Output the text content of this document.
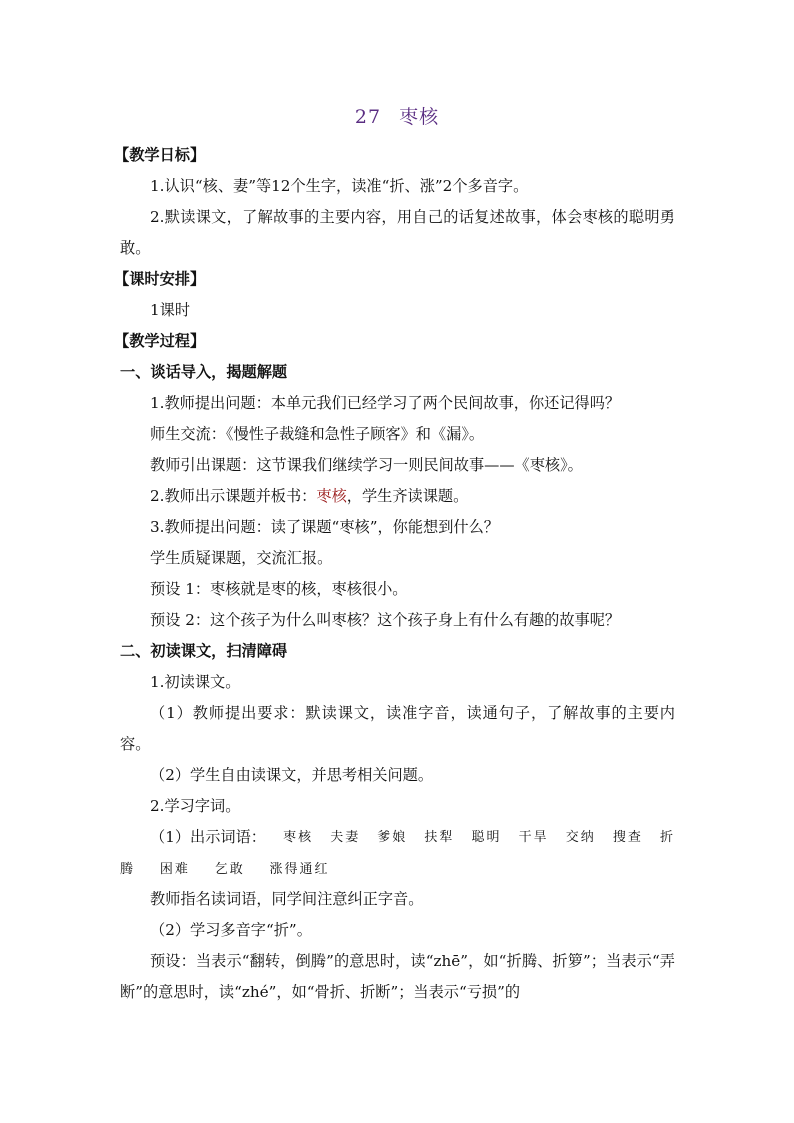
27 枣核
【教学日标】
1.认识“核、妻”等12个生字，读准“折、涨”2个多音字。
2.默读课文，了解故事的主要内容，用自己的话复述故事，体会枣核的聪明勇敢。
【课时安排】
1课时
【教学过程】
一、谈话导入，揭题解题
1.教师提出问题：本单元我们已经学习了两个民间故事，你还记得吗？
师生交流：《慢性子裁缝和急性子顾客》和《漏》。
教师引出课题：这节课我们继续学习一则民间故事——《枣核》。
2.教师出示课题并板书：枣核，学生齐读课题。
3.教师提出问题：读了课题“枣核”，你能想到什么？
学生质疑课题，交流汇报。
预设 1：枣核就是枣的核，枣核很小。
预设 2：这个孩子为什么叫枣核？这个孩子身上有什么有趣的故事呢？
二、初读课文，扫清障碍
1.初读课文。
（1）教师提出要求：默读课文，读准字音，读通句子，了解故事的主要内容。
（2）学生自由读课文，并思考相关问题。
2.学习字词。
（1）出示词语： 枣核 夫妻 爹娘 扶犁 聪明 干旱 交纳 搜查 折
腾 困难 乞敢 涨得通红
教师指名读词语，同学间注意纠正字音。
（2）学习多音字“折”。
预设：当表示“翻转，倒腾”的意思时，读“zhē”，如“折腾、折箩”；当表示“弄断”的意思时，读“zhé”，如“骨折、折断”；当表示“亏损”的
